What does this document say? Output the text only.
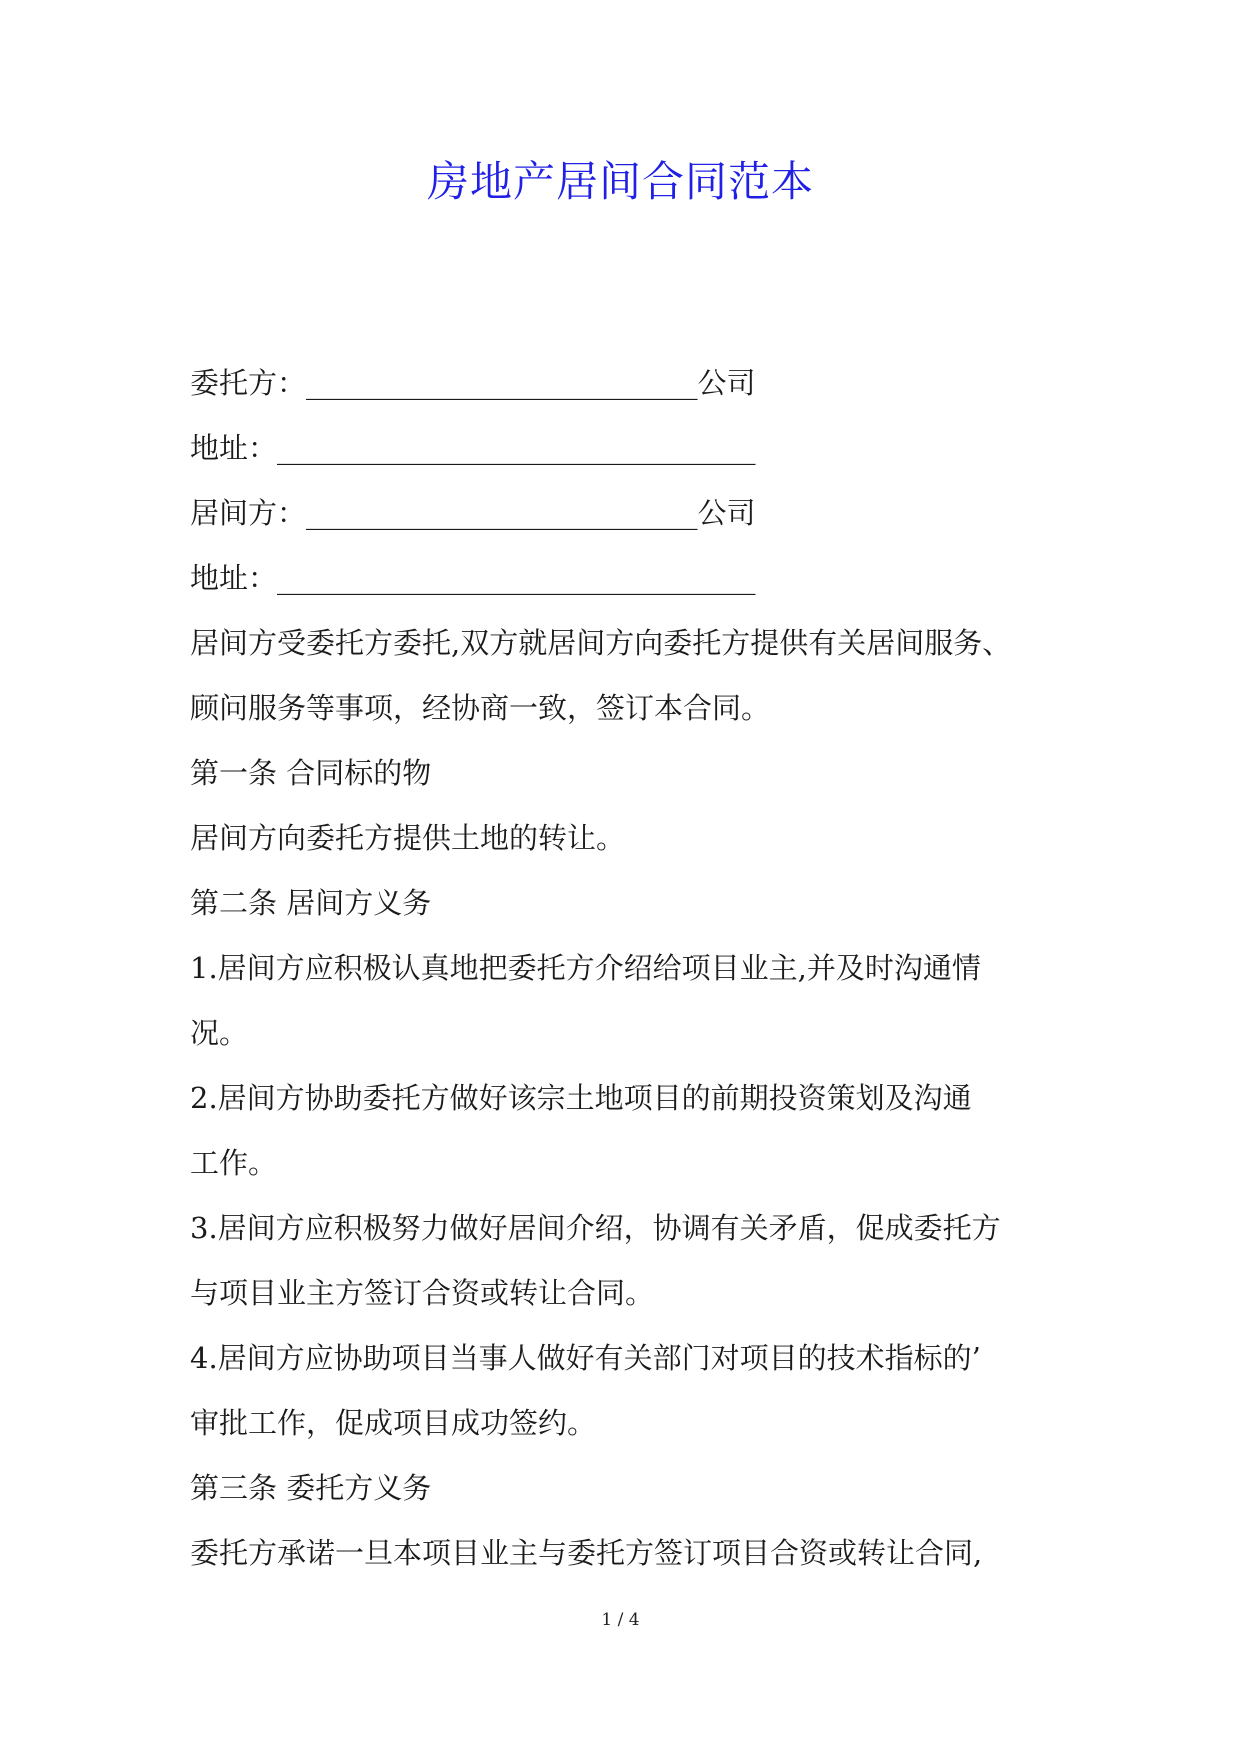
房地产居间合同范本
委托方：___________________________公司
地址：_________________________________
居间方：___________________________公司
地址：_________________________________
居间方受委托方委托,双方就居间方向委托方提供有关居间服务、
顾问服务等事项，经协商一致，签订本合同。
第一条 合同标的物
居间方向委托方提供土地的转让。
第二条 居间方义务
1.居间方应积极认真地把委托方介绍给项目业主,并及时沟通情
况。
2.居间方协助委托方做好该宗土地项目的前期投资策划及沟通
工作。
3.居间方应积极努力做好居间介绍，协调有关矛盾，促成委托方
与项目业主方签订合资或转让合同。
4.居间方应协助项目当事人做好有关部门对项目的技术指标的’
审批工作，促成项目成功签约。
第三条 委托方义务
委托方承诺一旦本项目业主与委托方签订项目合资或转让合同,
1 / 4
